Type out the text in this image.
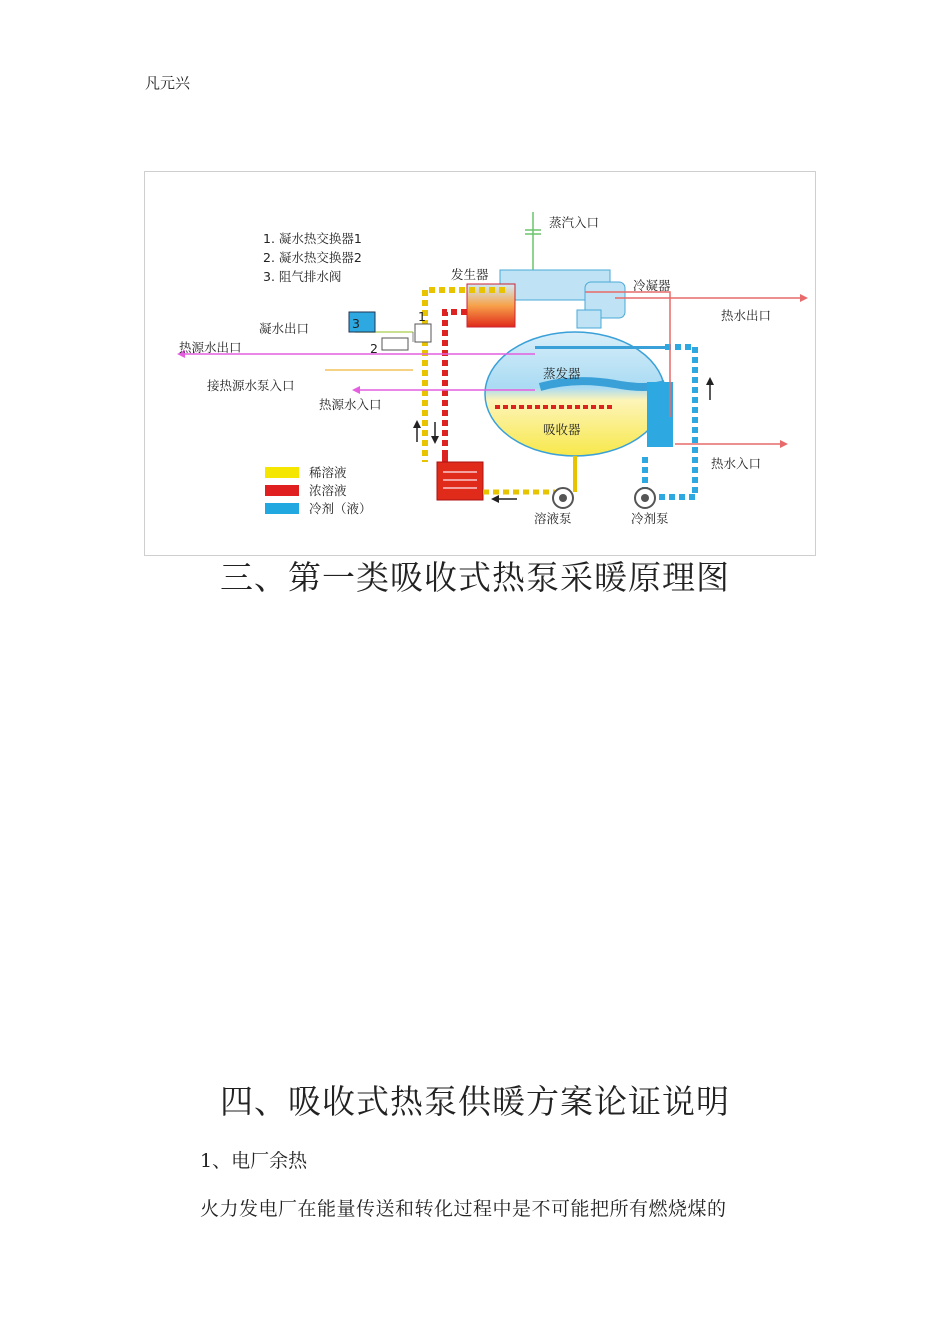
凡元兴
1. 凝水热交换器1
2. 凝水热交换器2
3. 阻气排水阀
蒸汽入口
发生器
冷凝器
热水出口
凝水出口
热源水出口
接热源水泵入口
热源水入口
蒸发器
吸收器
热水入口
溶液泵	冷剂泵
1
2
3
稀溶液
浓溶液
冷剂（液）
三、第一类吸收式热泵采暖原理图
四、吸收式热泵供暖方案论证说明
1、电厂余热
火力发电厂在能量传送和转化过程中是不可能把所有燃烧煤的
